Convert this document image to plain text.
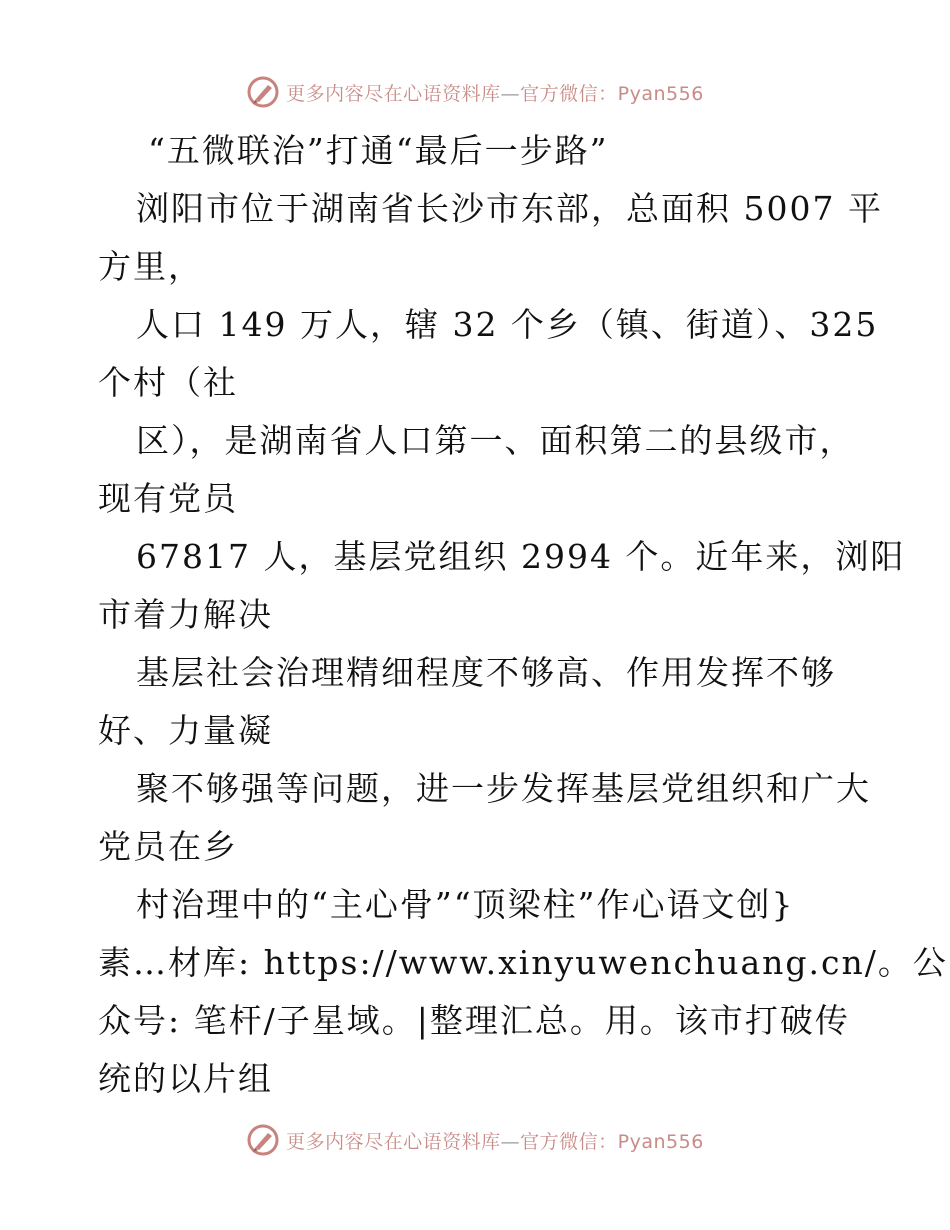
更多内容尽在心语资料库—官方微信：Pyan556
“五微联治”打通“最后一步路”
浏阳市位于湖南省长沙市东部，总面积 5007 平
方里，
人口 149 万人，辖 32 个乡（镇、街道）、325
个村（社
区），是湖南省人口第一、面积第二的县级市，
现有党员
67817 人，基层党组织 2994 个。近年来，浏阳
市着力解决
基层社会治理精细程度不够高、作用发挥不够
好、力量凝
聚不够强等问题，进一步发挥基层党组织和广大
党员在乡
村治理中的“主心骨”“顶梁柱”作心语文创}
素…材库: https://www.xinyuwenchuang.cn/。公
众号: 笔杆/子星域。|整理汇总。用。该市打破传
统的以片组
更多内容尽在心语资料库—官方微信：Pyan556
